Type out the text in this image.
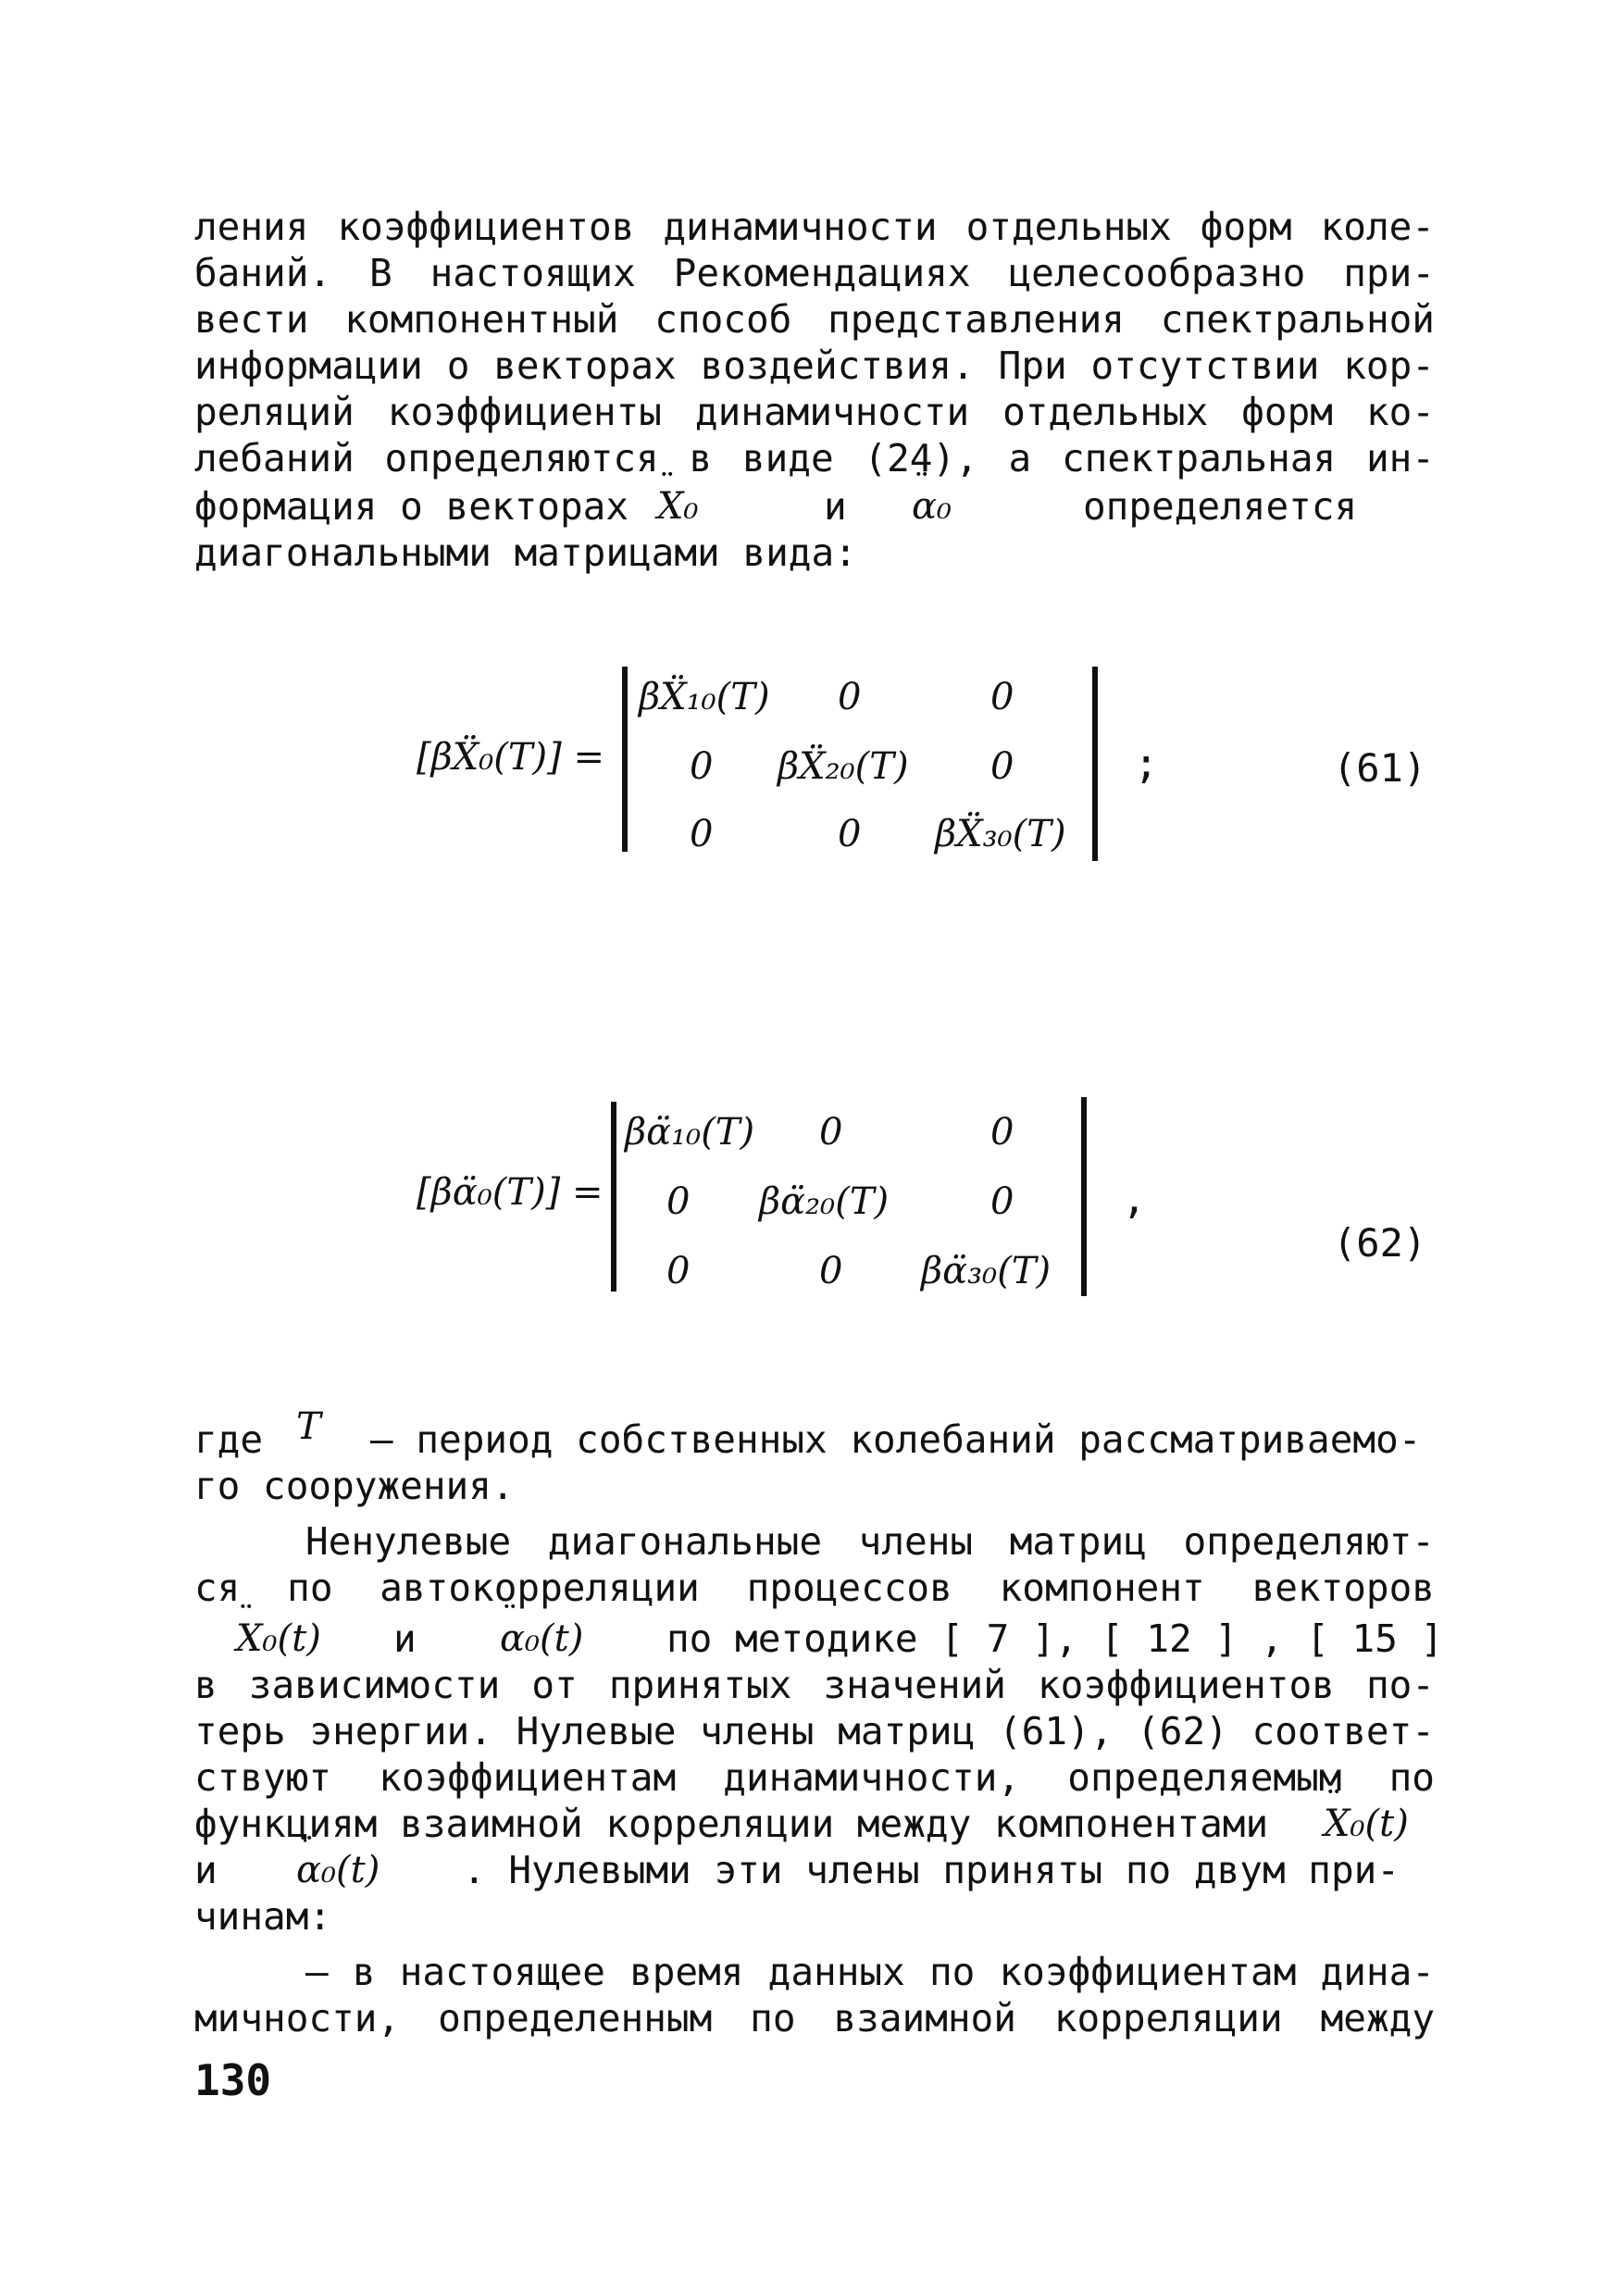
ления коэффициентов динамичности отдельных форм коле-
баний. В настоящих Рекомендациях целесообразно при-
вести компонентный способ представления спектральной
информации о векторах воздействия. При отсутствии кор-
реляций коэффициенты динамичности отдельных форм ко-
лебаний определяются в виде (24), а спектральная ин-
формация о векторах ¨ X₀	и ¨ α₀	определяется
диагональными матрицами вида:
[βẌ₀(T)] =
βẌ₁₀(T) 0	0
0 βẌ₂₀(T) 0
0	0 βẌ₃₀(T)
;	(61)
[βα̈₀(T)] =
βα̈₁₀(T) 0	0
0 βα̈₂₀(T)	0
0	0 βα̈₃₀(T)
,
(62)
где T – период собственных колебаний рассматриваемо-
го сооружения.
Ненулевые диагональные члены матриц определяют-
ся по автокорреляции процессов компонент векторов
¨ X₀(t) и ¨ α₀(t) по методике [ 7 ], [ 12 ] , [ 15 ]
в зависимости от принятых значений коэффициентов по-
терь энергии. Нулевые члены матриц (61), (62) соответ-
ствуют коэффициентам динамичности, определяемым по
функциям взаимной корреляции между компонентами ¨ X₀(t)
и ¨ α₀(t) . Нулевыми эти члены приняты по двум при-
чинам:
– в настоящее время данных по коэффициентам дина-
мичности, определенным по взаимной корреляции между
130
